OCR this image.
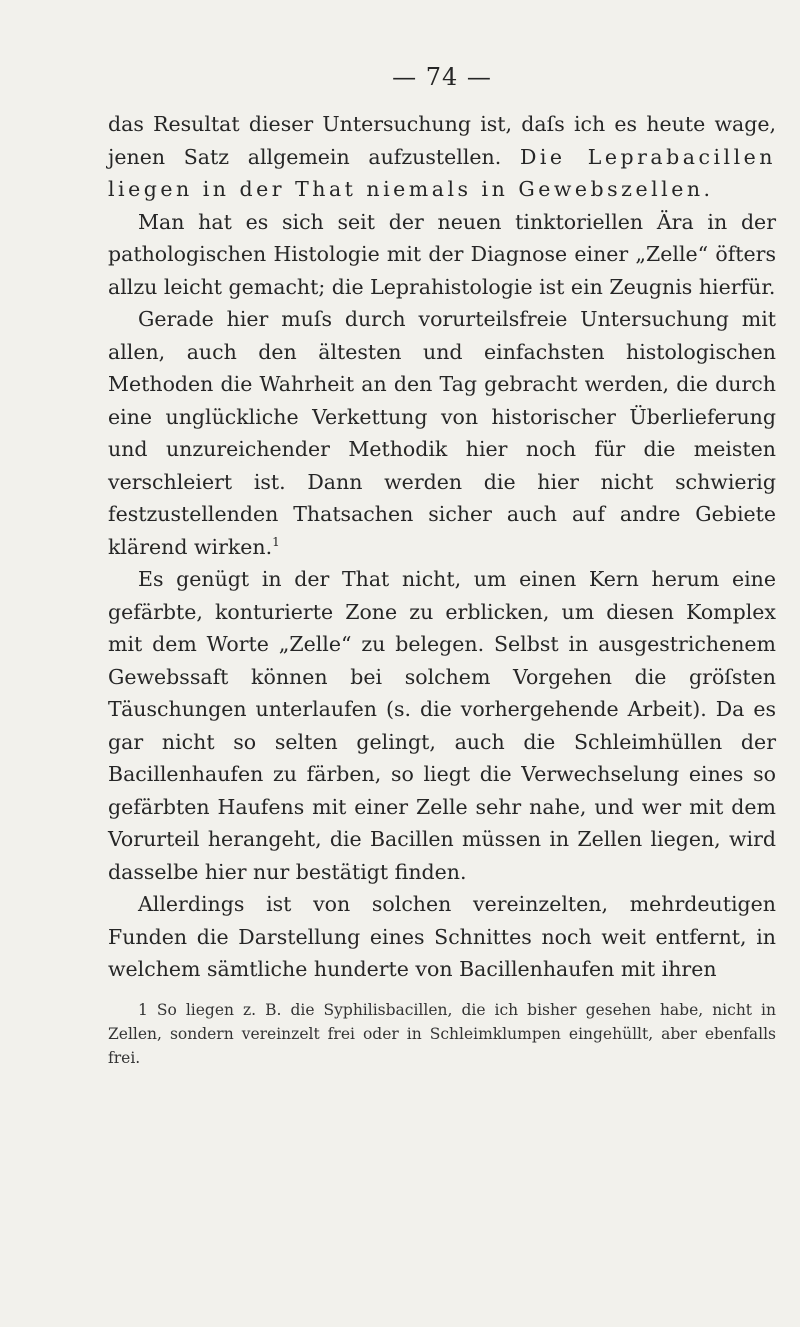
— 74 —

das Resultat dieser Untersuchung ist, daſs ich es heute wage, jenen Satz allgemein aufzustellen. Die Leprabacillen liegen in der That niemals in Gewebszellen.

Man hat es sich seit der neuen tinktoriellen Ära in der pathologischen Histologie mit der Diagnose einer „Zelle“ öfters allzu leicht gemacht; die Leprahistologie ist ein Zeugnis hierfür.

Gerade hier muſs durch vorurteilsfreie Untersuchung mit allen, auch den ältesten und einfachsten histologischen Methoden die Wahrheit an den Tag gebracht werden, die durch eine unglückliche Verkettung von historischer Überlieferung und unzureichender Methodik hier noch für die meisten verschleiert ist. Dann werden die hier nicht schwierig festzustellenden Thatsachen sicher auch auf andre Gebiete klärend wirken.$^1$

Es genügt in der That nicht, um einen Kern herum eine gefärbte, konturierte Zone zu erblicken, um diesen Komplex mit dem Worte „Zelle“ zu belegen. Selbst in ausgestrichenem Gewebssaft können bei solchem Vorgehen die gröſsten Täuschungen unterlaufen (s. die vorhergehende Arbeit). Da es gar nicht so selten gelingt, auch die Schleimhüllen der Bacillenhaufen zu färben, so liegt die Verwechselung eines so gefärbten Haufens mit einer Zelle sehr nahe, und wer mit dem Vorurteil herangeht, die Bacillen müssen in Zellen liegen, wird dasselbe hier nur bestätigt finden.

Allerdings ist von solchen vereinzelten, mehrdeutigen Funden die Darstellung eines Schnittes noch weit entfernt, in welchem sämtliche hunderte von Bacillenhaufen mit ihren

1 So liegen z. B. die Syphilisbacillen, die ich bisher gesehen habe, nicht in Zellen, sondern vereinzelt frei oder in Schleimklumpen eingehüllt, aber ebenfalls frei.
